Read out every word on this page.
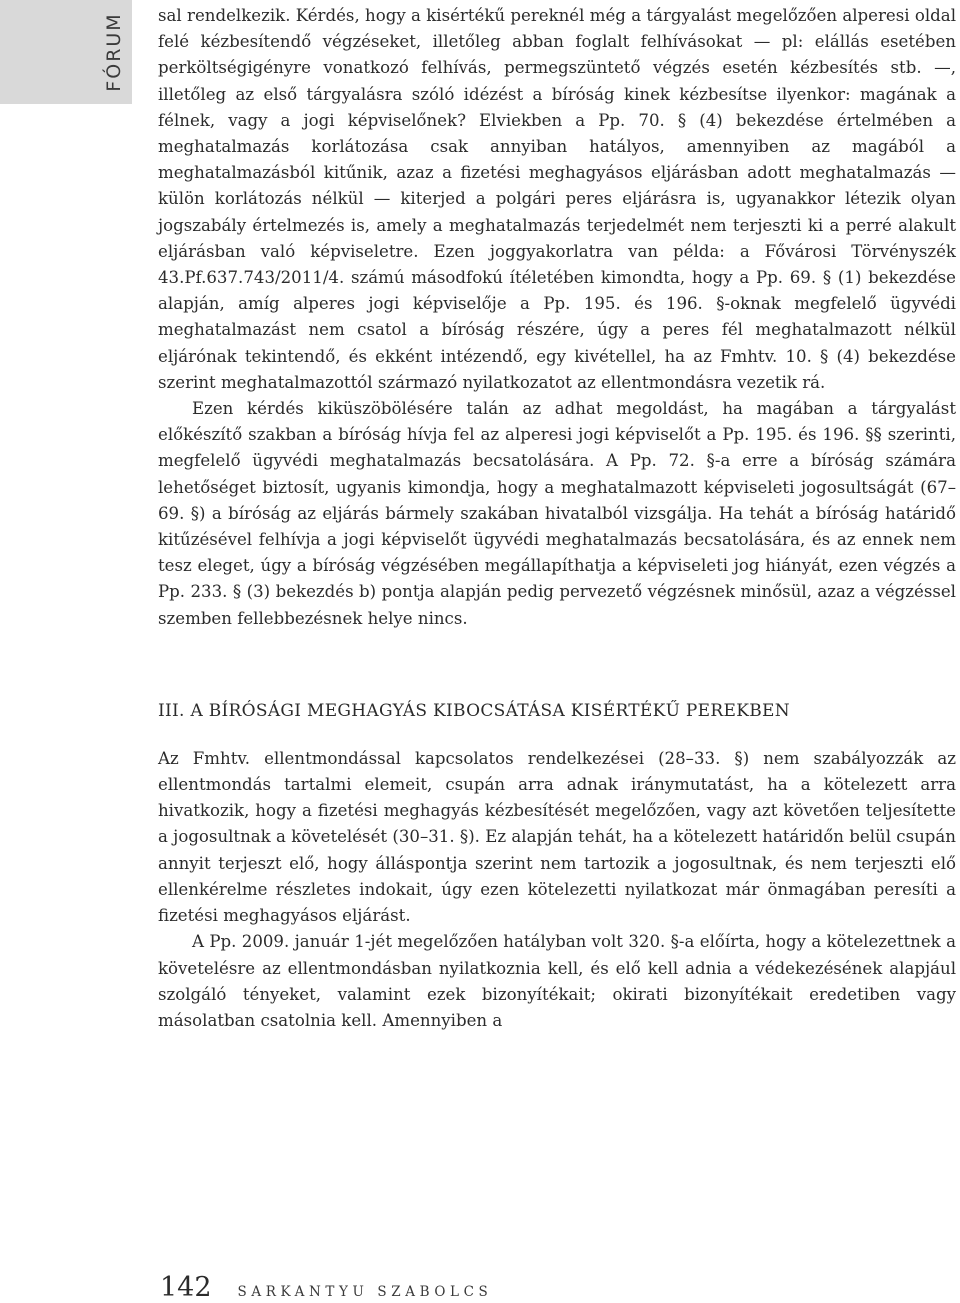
FÓRUM sal rendelkezik. Kérdés, hogy a kisértékű pereknél még a tárgyalást megelőzően alperesi oldal felé kézbesítendő végzéseket, illetőleg abban foglalt felhívásokat — pl: elállás esetében perköltségigényre vonatkozó felhívás, permegszüntető végzés esetén kézbesítés stb. —, illetőleg az első tárgyalásra szóló idézést a bíróság kinek kézbesítse ilyenkor: magának a félnek, vagy a jogi képviselőnek? Elviekben a Pp. 70. § (4) bekezdése értelmében a meghatalmazás korlátozása csak annyiban hatályos, amennyiben az magából a meghatalmazásból kitűnik, azaz a fizetési meghagyásos eljárásban adott meghatalmazás — külön korlátozás nélkül — kiterjed a polgári peres eljárásra is, ugyanakkor létezik olyan jogszabály értelmezés is, amely a meghatalmazás terjedelmét nem terjeszti ki a perré alakult eljárásban való képviseletre. Ezen joggyakorlatra van példa: a Fővárosi Törvényszék 43.Pf.637.743/2011/4. számú másodfokú ítéletében kimondta, hogy a Pp. 69. § (1) bekezdése alapján, amíg alperes jogi képviselője a Pp. 195. és 196. §-oknak megfelelő ügyvédi meghatalmazást nem csatol a bíróság részére, úgy a peres fél meghatalmazott nélkül eljárónak tekintendő, és ekként intézendő, egy kivétellel, ha az Fmhtv. 10. § (4) bekezdése szerint meghatalmazottól származó nyilatkozatot az ellentmondásra vezetik rá.

Ezen kérdés kiküszöbölésére talán az adhat megoldást, ha magában a tárgyalást előkészítő szakban a bíróság hívja fel az alperesi jogi képviselőt a Pp. 195. és 196. §§ szerinti, megfelelő ügyvédi meghatalmazás becsatolására. A Pp. 72. §-a erre a bíróság számára lehetőséget biztosít, ugyanis kimondja, hogy a meghatalmazott képviseleti jogosultságát (67–69. §) a bíróság az eljárás bármely szakában hivatalból vizsgálja. Ha tehát a bíróság határidő kitűzésével felhívja a jogi képviselőt ügyvédi meghatalmazás becsatolására, és az ennek nem tesz eleget, úgy a bíróság végzésében megállapíthatja a képviseleti jog hiányát, ezen végzés a Pp. 233. § (3) bekezdés b) pontja alapján pedig pervezető végzésnek minősül, azaz a végzéssel szemben fellebbezésnek helye nincs.

III. A BÍRÓSÁGI MEGHAGYÁS KIBOCSÁTÁSA KISÉRTÉKŰ PEREKBEN

Az Fmhtv. ellentmondással kapcsolatos rendelkezései (28–33. §) nem szabályozzák az ellentmondás tartalmi elemeit, csupán arra adnak iránymutatást, ha a kötelezett arra hivatkozik, hogy a fizetési meghagyás kézbesítését megelőzően, vagy azt követően teljesítette a jogosultnak a követelését (30–31. §). Ez alapján tehát, ha a kötelezett határidőn belül csupán annyit terjeszt elő, hogy álláspontja szerint nem tartozik a jogosultnak, és nem terjeszti elő ellenkérelme részletes indokait, úgy ezen kötelezetti nyilatkozat már önmagában peresíti a fizetési meghagyásos eljárást.

A Pp. 2009. január 1-jét megelőzően hatályban volt 320. §-a előírta, hogy a kötelezettnek a követelésre az ellentmondásban nyilatkoznia kell, és elő kell adnia a védekezésének alapjául szolgáló tényeket, valamint ezek bizonyítékait; okirati bizonyítékait eredetiben vagy másolatban csatolnia kell. Amennyiben a

142 SARKANTYU SZABOLCS
